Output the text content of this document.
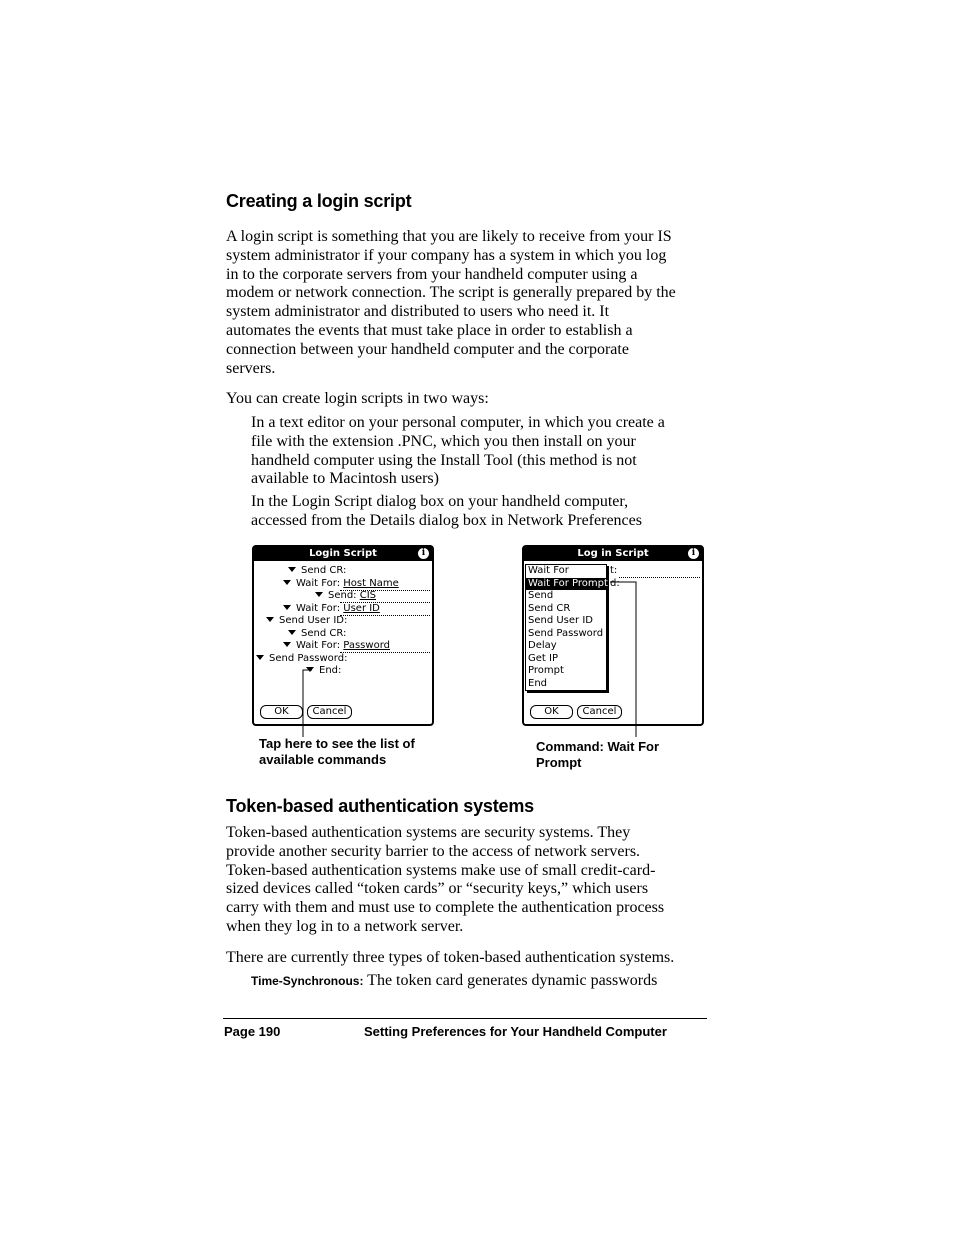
Creating a login script
A login script is something that you are likely to receive from your IS
system administrator if your company has a system in which you log
in to the corporate servers from your handheld computer using a
modem or network connection. The script is generally prepared by the
system administrator and distributed to users who need it. It
automates the events that must take place in order to establish a
connection between your handheld computer and the corporate
servers.
You can create login scripts in two ways:
In a text editor on your personal computer, in which you create a
file with the extension .PNC, which you then install on your
handheld computer using the Install Tool (this method is not
available to Macintosh users)
In the Login Script dialog box on your handheld computer,
accessed from the Details dialog box in Network Preferences
Login Script	i
Send CR:
Wait For: Host Name
Send: CIS
Wait For: User ID
Send User ID:
Send CR:
Wait For: Password
Send Password:
End:
OK	Cancel
Log in Script	i
t:
d:
Wait For
Wait For Prompt
Send
Send CR
Send User ID
Send Password
Delay
Get IP
Prompt
End
OK	Cancel
Tap here to see the list of
available commands
Command: Wait For
Prompt
Token-based authentication systems
Token-based authentication systems are security systems. They
provide another security barrier to the access of network servers.
Token-based authentication systems make use of small credit-card-
sized devices called “token cards” or “security keys,” which users
carry with them and must use to complete the authentication process
when they log in to a network server.
There are currently three types of token-based authentication systems.
Time-Synchronous: The token card generates dynamic passwords
Page 190	Setting Preferences for Your Handheld Computer
